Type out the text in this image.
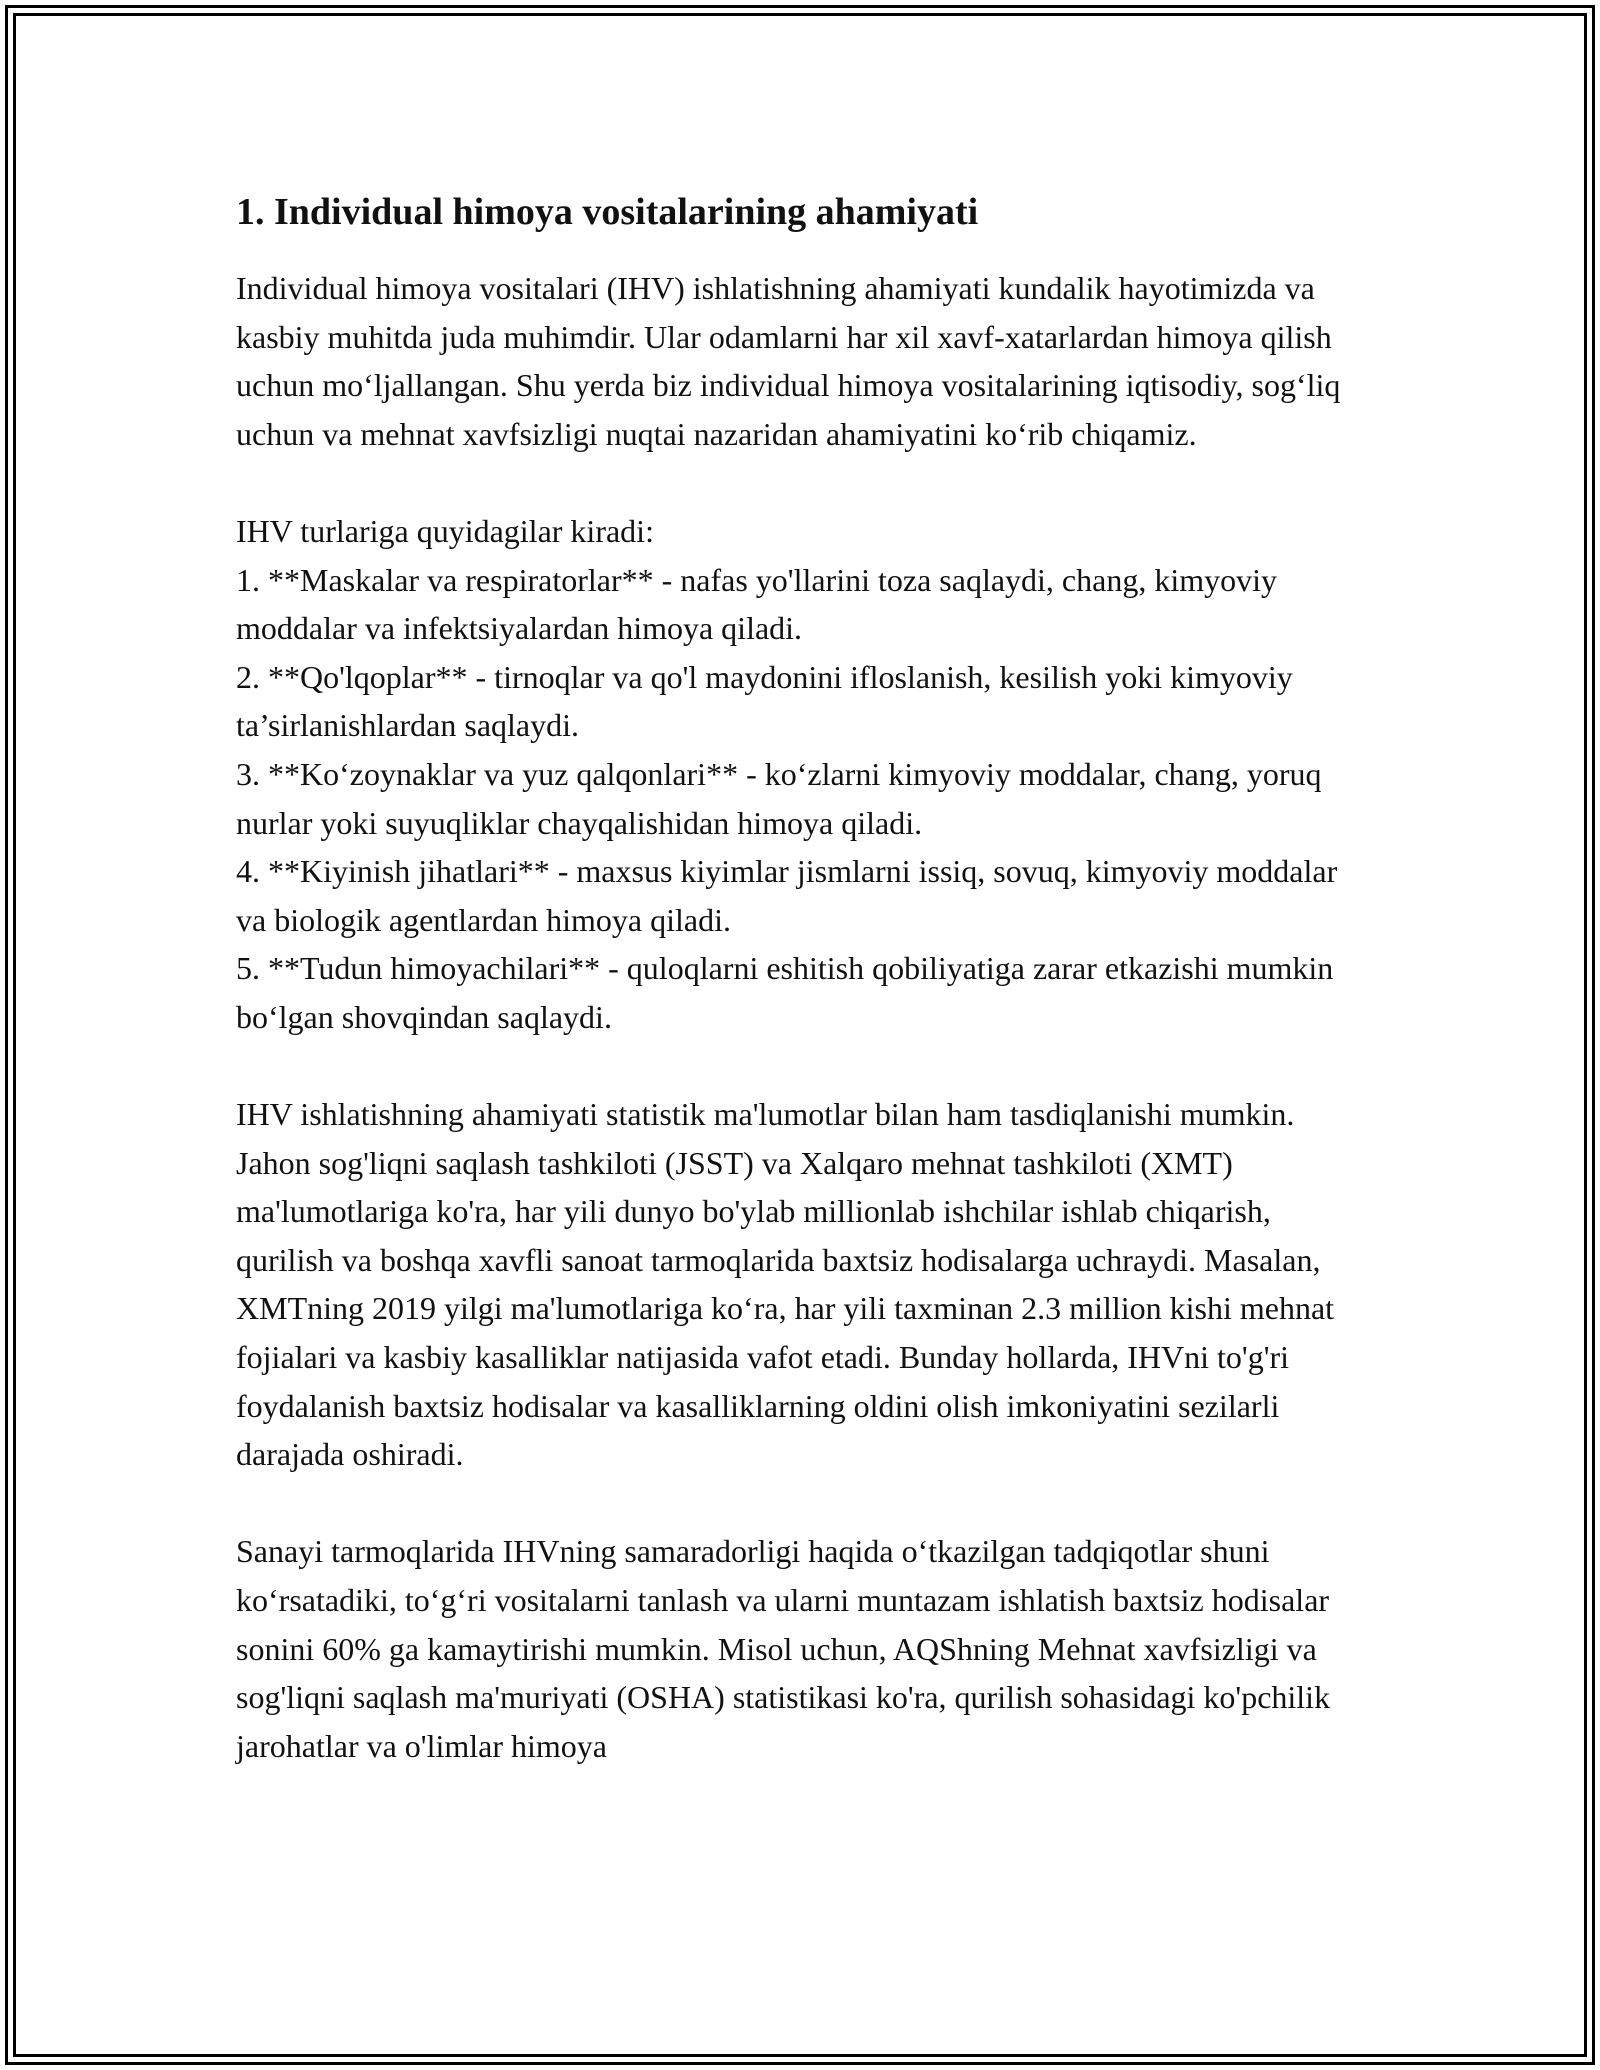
1. Individual himoya vositalarining ahamiyati

Individual himoya vositalari (IHV) ishlatishning ahamiyati kundalik hayotimizda va kasbiy muhitda juda muhimdir. Ular odamlarni har xil xavf-xatarlardan himoya qilish uchun mo‘ljallangan. Shu yerda biz individual himoya vositalarining iqtisodiy, sog‘liq uchun va mehnat xavfsizligi nuqtai nazaridan ahamiyatini ko‘rib chiqamiz.

IHV turlariga quyidagilar kiradi:

1. **Maskalar va respiratorlar** - nafas yo'llarini toza saqlaydi, chang, kimyoviy moddalar va infektsiyalardan himoya qiladi.

2. **Qo'lqoplar** - tirnoqlar va qo'l maydonini ifloslanish, kesilish yoki kimyoviy ta’sirlanishlardan saqlaydi.

3. **Ko‘zoynaklar va yuz qalqonlari** - ko‘zlarni kimyoviy moddalar, chang, yoruq nurlar yoki suyuqliklar chayqalishidan himoya qiladi.

4. **Kiyinish jihatlari** - maxsus kiyimlar jismlarni issiq, sovuq, kimyoviy moddalar va biologik agentlardan himoya qiladi.

5. **Tudun himoyachilari** - quloqlarni eshitish qobiliyatiga zarar etkazishi mumkin bo‘lgan shovqindan saqlaydi.

IHV ishlatishning ahamiyati statistik ma'lumotlar bilan ham tasdiqlanishi mumkin. Jahon sog'liqni saqlash tashkiloti (JSST) va Xalqaro mehnat tashkiloti (XMT) ma'lumotlariga ko'ra, har yili dunyo bo'ylab millionlab ishchilar ishlab chiqarish, qurilish va boshqa xavfli sanoat tarmoqlarida baxtsiz hodisalarga uchraydi. Masalan, XMTning 2019 yilgi ma'lumotlariga ko‘ra, har yili taxminan 2.3 million kishi mehnat fojialari va kasbiy kasalliklar natijasida vafot etadi. Bunday hollarda, IHVni to'g'ri foydalanish baxtsiz hodisalar va kasalliklarning oldini olish imkoniyatini sezilarli darajada oshiradi.

Sanayi tarmoqlarida IHVning samaradorligi haqida o‘tkazilgan tadqiqotlar shuni ko‘rsatadiki, to‘g‘ri vositalarni tanlash va ularni muntazam ishlatish baxtsiz hodisalar sonini 60% ga kamaytirishi mumkin. Misol uchun, AQShning Mehnat xavfsizligi va sog'liqni saqlash ma'muriyati (OSHA) statistikasi ko'ra, qurilish sohasidagi ko'pchilik jarohatlar va o'limlar himoya
